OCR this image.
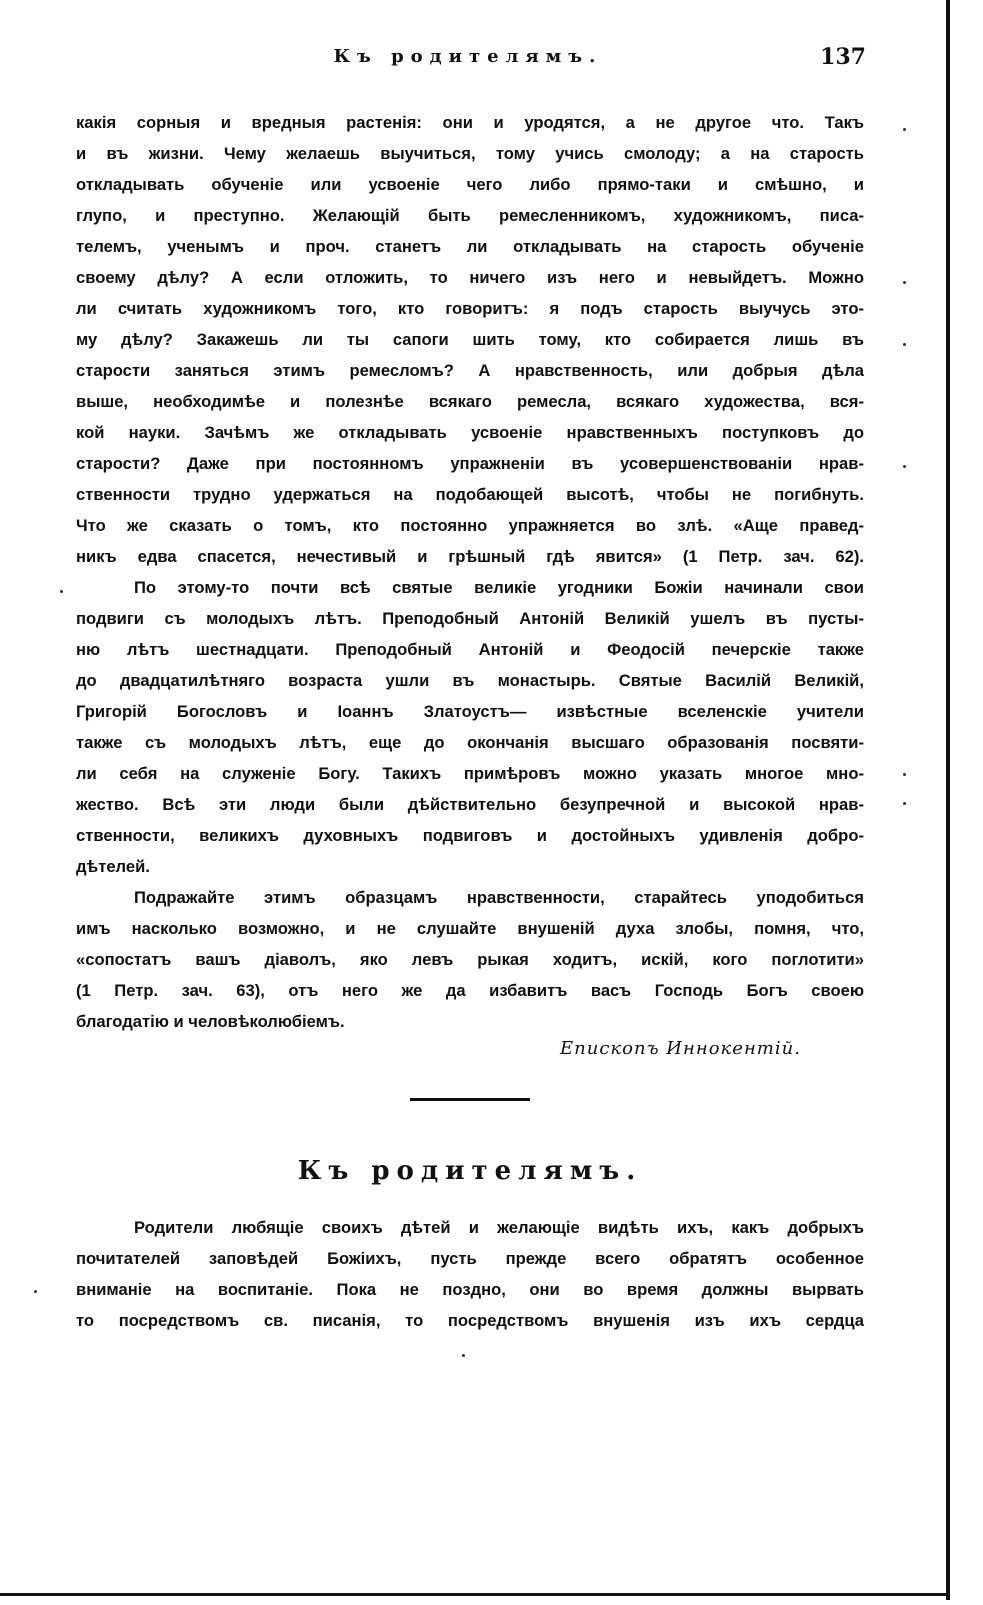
Къ родителямъ.	137
какія сорныя и вредныя растенія: они и уродятся, а не другое что. Такъ
и въ жизни. Чему желаешь выучиться, тому учись смолоду; а на старость
откладывать обученіе или усвоеніе чего либо прямо-таки и смѣшно, и
глупо, и преступно. Желающій быть ремесленникомъ, художникомъ, писа-
телемъ, ученымъ и проч. станетъ ли откладывать на старость обученіе
своему дѣлу? А если отложить, то ничего изъ него и невыйдетъ. Можно
ли считать художникомъ того, кто говоритъ: я подъ старость выучусь это-
му дѣлу? Закажешь ли ты сапоги шить тому, кто собирается лишь въ
старости заняться этимъ ремесломъ? А нравственность, или добрыя дѣла
выше, необходимѣе и полезнѣе всякаго ремесла, всякаго художества, вся-
кой науки. Зачѣмъ же откладывать усвоеніе нравственныхъ поступковъ до
старости? Даже при постоянномъ упражненіи въ усовершенствованіи нрав-
ственности трудно удержаться на подобающей высотѣ, чтобы не погибнуть.
Что же сказать о томъ, кто постоянно упражняется во злѣ. «Аще правед-
никъ едва спасется, нечестивый и грѣшный гдѣ явится» (1 Петр. зач. 62).
По этому-то почти всѣ святые великіе угодники Божіи начинали свои
подвиги съ молодыхъ лѣтъ. Преподобный Антоній Великій ушелъ въ пусты-
ню лѣтъ шестнадцати. Преподобный Антоній и Феодосій печерскіе также
до двадцатилѣтняго возраста ушли въ монастырь. Святые Василій Великій,
Григорій Богословъ и Іоаннъ Златоустъ— извѣстные вселенскіе учители
также съ молодыхъ лѣтъ, еще до окончанія высшаго образованія посвяти-
ли себя на служеніе Богу. Такихъ примѣровъ можно указать многое мно-
жество. Всѣ эти люди были дѣйствительно безупречной и высокой нрав-
ственности, великихъ духовныхъ подвиговъ и достойныхъ удивленія добро-
дѣтелей.
Подражайте этимъ образцамъ нравственности, старайтесь уподобиться
имъ насколько возможно, и не слушайте внушеній духа злобы, помня, что,
«сопостатъ вашъ діаволъ, яко левъ рыкая ходитъ, искій, кого поглотити»
(1 Петр. зач. 63), отъ него же да избавитъ васъ Господь Богъ своею
благодатію и человѣколюбіемъ.
Епископъ Иннокентій.
Къ родителямъ.
Родители любящіе своихъ дѣтей и желающіе видѣть ихъ, какъ добрыхъ
почитателей заповѣдей Божіихъ, пусть прежде всего обратятъ особенное
вниманіе на воспитаніе. Пока не поздно, они во время должны вырвать
то посредствомъ св. писанія, то посредствомъ внушенія изъ ихъ сердца
